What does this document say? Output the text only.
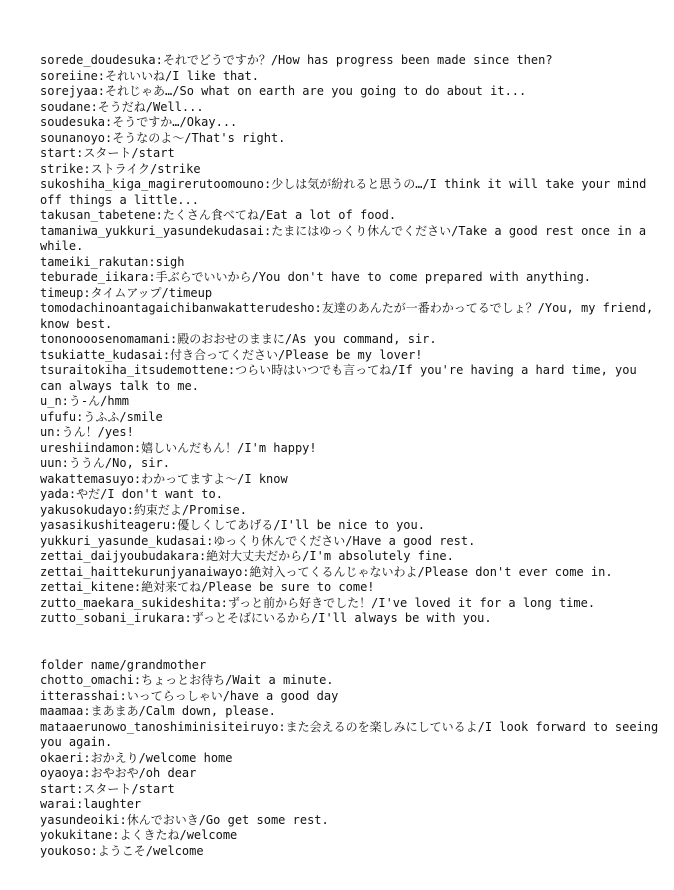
sorede_doudesuka:それでどうですか？/How has progress been made since then?
soreiine:それいいね/I like that.
sorejyaa:それじゃあ…/So what on earth are you going to do about it...
soudane:そうだね/Well...
soudesuka:そうですか…/Okay...
sounanoyo:そうなのよ～/That's right.
start:スタート/start
strike:ストライク/strike
sukoshiha_kiga_magirerutoomouno:少しは気が紛れると思うの…/I think it will take your mind off things a little...
takusan_tabetene:たくさん食べてね/Eat a lot of food.
tamaniwa_yukkuri_yasundekudasai:たまにはゆっくり休んでください/Take a good rest once in a while.
tameiki_rakutan:sigh
teburade_iikara:手ぶらでいいから/You don't have to come prepared with anything.
timeup:タイムアップ/timeup
tomodachinoantagaichibanwakatterudesho:友達のあんたが一番わかってるでしょ？/You, my friend, know best.
tononooosenomamani:殿のおおせのままに/As you command, sir.
tsukiatte_kudasai:付き合ってください/Please be my lover!
tsuraitokiha_itsudemottene:つらい時はいつでも言ってね/If you're having a hard time, you can always talk to me.
u_n:う-ん/hmm
ufufu:うふふ/smile
un:うん！/yes!
ureshiindamon:嬉しいんだもん！/I'm happy!
uun:ううん/No, sir.
wakattemasuyo:わかってますよ～/I know
yada:やだ/I don't want to.
yakusokudayo:約束だよ/Promise.
yasasikushiteageru:優しくしてあげる/I'll be nice to you.
yukkuri_yasunde_kudasai:ゆっくり休んでください/Have a good rest.
zettai_daijyoubudakara:絶対大丈夫だから/I'm absolutely fine.
zettai_haittekurunjyanaiwayo:絶対入ってくるんじゃないわよ/Please don't ever come in.
zettai_kitene:絶対来てね/Please be sure to come!
zutto_maekara_sukideshita:ずっと前から好きでした！/I've loved it for a long time.
zutto_sobani_irukara:ずっとそばにいるから/I'll always be with you.
folder name/grandmother
chotto_omachi:ちょっとお待ち/Wait a minute.
itterasshai:いってらっしゃい/have a good day
maamaa:まあまあ/Calm down, please.
mataaerunowo_tanoshiminisiteiruyo:また会えるのを楽しみにしているよ/I look forward to seeing you again.
okaeri:おかえり/welcome home
oyaoya:おやおや/oh dear
start:スタート/start
warai:laughter
yasundeoiki:休んでおいき/Go get some rest.
yokukitane:よくきたね/welcome
youkoso:ようこそ/welcome
